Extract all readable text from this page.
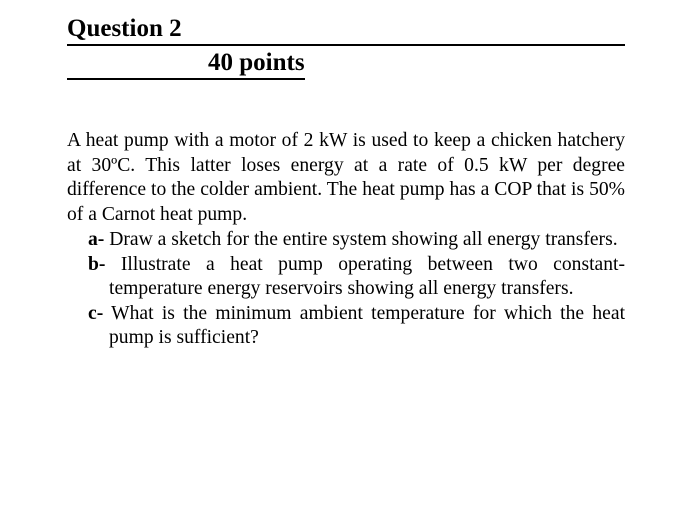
Question 2
40 points

A heat pump with a motor of 2 kW is used to keep a chicken hatchery at 30ºC. This latter loses energy at a rate of 0.5 kW per degree difference to the colder ambient. The heat pump has a COP that is 50% of a Carnot heat pump.

a- Draw a sketch for the entire system showing all energy transfers.
b- Illustrate a heat pump operating between two constant-temperature energy reservoirs showing all energy transfers.
c- What is the minimum ambient temperature for which the heat pump is sufficient?
